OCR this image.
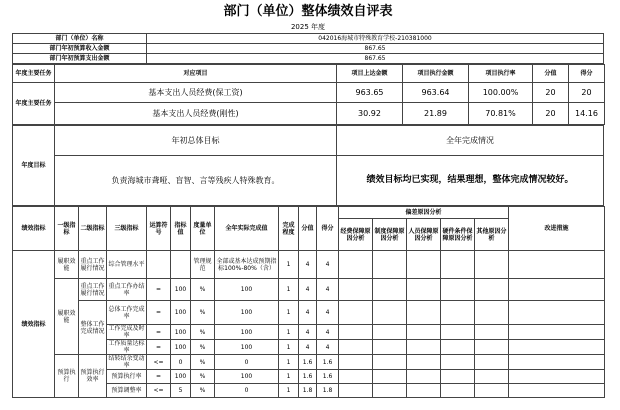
部门（单位）整体绩效自评表
2025 年度
部门（单位）名称	042016海城市特殊教育学校-210381000
部门年初预算收入金额	867.65
部门年初预算支出金额	867.65
年度主要任务	对应项目	项目上达金额	项目执行金额	项目执行率	分值	得分
年度主要任务	基本支出人员经费(保工资)	963.65	963.64	100.00%	20	20
	基本支出人员经费(刚性)	30.92	21.89	70.81%	20	14.16
年度目标	年初总体目标	全年完成情况
	负责海城市聋哑、盲智、言等残疾人特殊教育。	绩效目标均已实现，结果理想，整体完成情况较好。
绩效指标	一级指标	二级指标	三级指标	运算符号	指标值	度量单位	全年实际完成值	完成程度	分值	得分	偏差原因分析					改进措施
											经费保障原因分析	制度保障原因分析	人员保障原因分析	硬件条件保障原因分析	其他原因分析	
绩效指标	履职效能	重点工作履行情况	综合管理水平			管理规范	全部或基本达成预期指标100%-80%（含）	1	4	4						
	履职效能	重点工作履行情况	重点工作办结率	=	100	%	100	1	4	4						
		整体工作完成情况	总体工作完成率	=	100	%	100	1	4	4						
			工作完成及时率	=	100	%	100	1	4	4						
			工作质量达标率	=	100	%	100	1	4	4						
	预算执行	预算执行效率	结转结余变动率	<=	0	%	0	1	1.6	1.6						
			预算执行率	=	100	%	100	1	1.6	1.6						
			预算调整率	<=	5	%	0	1	1.8	1.8						
